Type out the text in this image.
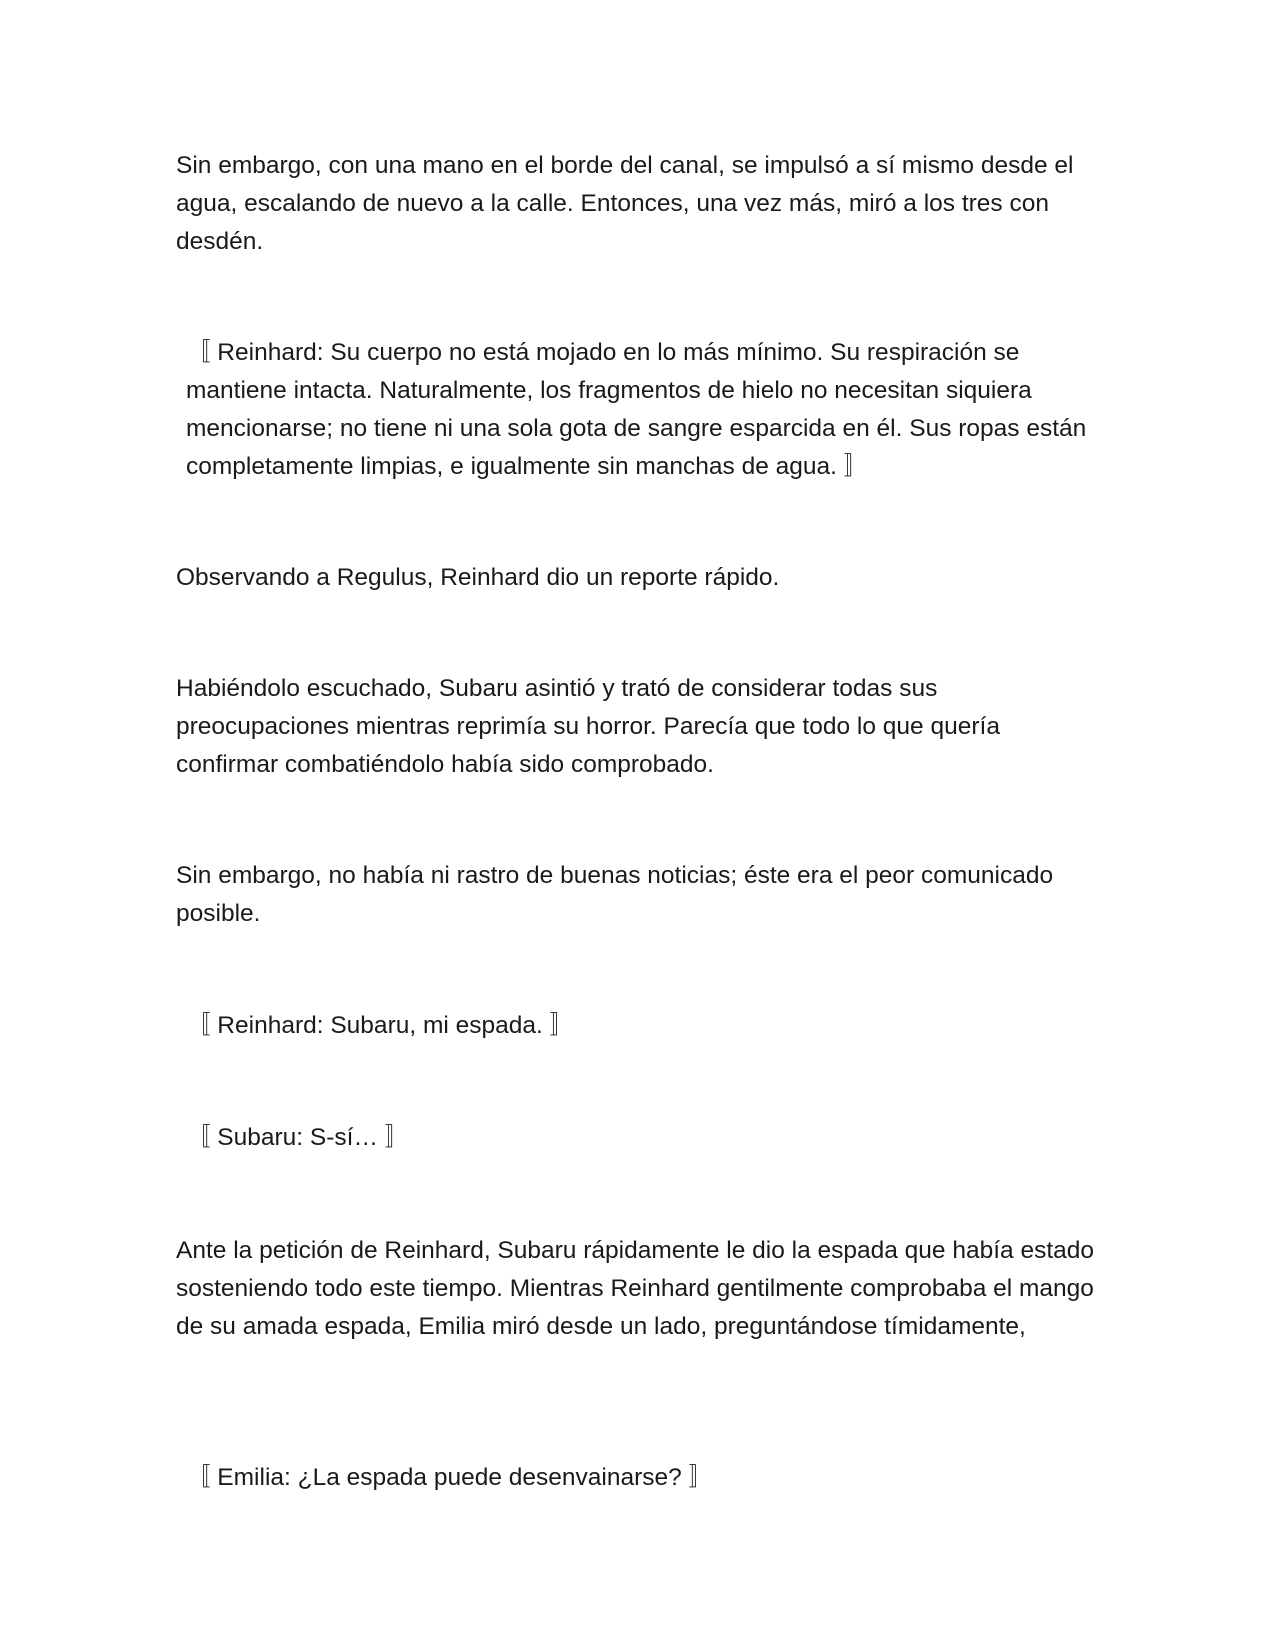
Sin embargo, con una mano en el borde del canal, se impulsó a sí mismo desde el agua, escalando de nuevo a la calle. Entonces, una vez más, miró a los tres con desdén.

〚 Reinhard: Su cuerpo no está mojado en lo más mínimo. Su respiración se mantiene intacta. Naturalmente, los fragmentos de hielo no necesitan siquiera mencionarse; no tiene ni una sola gota de sangre esparcida en él. Sus ropas están completamente limpias, e igualmente sin manchas de agua. 〛

Observando a Regulus, Reinhard dio un reporte rápido.

Habiéndolo escuchado, Subaru asintió y trató de considerar todas sus preocupaciones mientras reprimía su horror. Parecía que todo lo que quería confirmar combatiéndolo había sido comprobado.

Sin embargo, no había ni rastro de buenas noticias; éste era el peor comunicado posible.

〚 Reinhard: Subaru, mi espada. 〛

〚 Subaru: S-sí… 〛

Ante la petición de Reinhard, Subaru rápidamente le dio la espada que había estado sosteniendo todo este tiempo. Mientras Reinhard gentilmente comprobaba el mango de su amada espada, Emilia miró desde un lado, preguntándose tímidamente,

〚 Emilia: ¿La espada puede desenvainarse? 〛
